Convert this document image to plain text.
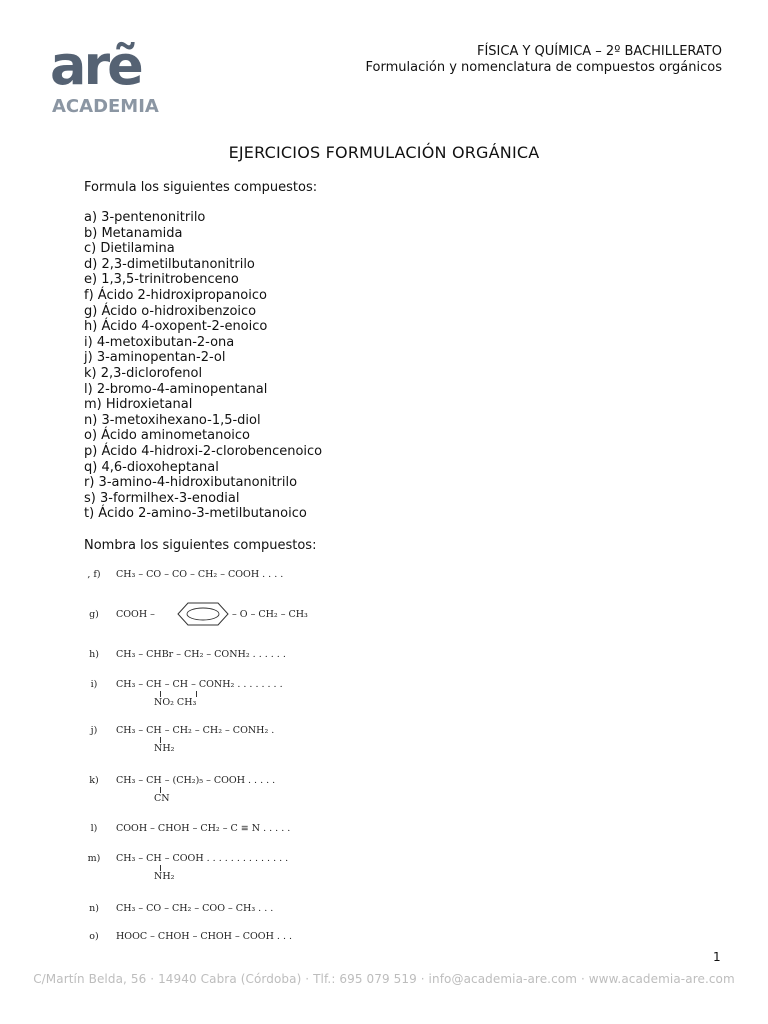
arẽ
ACADEMIA
FÍSICA Y QUÍMICA – 2º BACHILLERATO
Formulación y nomenclatura de compuestos orgánicos
EJERCICIOS FORMULACIÓN ORGÁNICA
Formula los siguientes compuestos:
a) 3-pentenonitrilo
b) Metanamida
c) Dietilamina
d) 2,3-dimetilbutanonitrilo
e) 1,3,5-trinitrobenceno
f) Ácido 2-hidroxipropanoico
g) Ácido o-hidroxibenzoico
h) Ácido 4-oxopent-2-enoico
i) 4-metoxibutan-2-ona
j) 3-aminopentan-2-ol
k) 2,3-diclorofenol
l) 2-bromo-4-aminopentanal
m) Hidroxietanal
n) 3-metoxihexano-1,5-diol
o) Ácido aminometanoico
p) Ácido 4-hidroxi-2-clorobencenoico
q) 4,6-dioxoheptanal
r) 3-amino-4-hidroxibutanonitrilo
s) 3-formilhex-3-enodial
t) Ácido 2-amino-3-metilbutanoico
Nombra los siguientes compuestos:
, f)	CH₃ – CO – CO – CH₂ – COOH . . . .
g)	COOH –	– O – CH₂ – CH₃
h)	CH₃ – CHBr – CH₂ – CONH₂ . . . . . .
i)	CH₃ – CH – CH – CONH₂ . . . . . . . .
NO₂ CH₃
j)	CH₃ – CH – CH₂ – CH₂ – CONH₂ .
NH₂
k)	CH₃ – CH – (CH₂)₅ – COOH . . . . .
CN
l)	COOH – CHOH – CH₂ – C ≡ N . . . . .
m)	CH₃ – CH – COOH . . . . . . . . . . . . . .
NH₂
n)	CH₃ – CO – CH₂ – COO – CH₃ . . .
o)	HOOC – CHOH – CHOH – COOH . . .
1
C/Martín Belda, 56 · 14940 Cabra (Córdoba) · Tlf.: 695 079 519 · info@academia-are.com · www.academia-are.com
